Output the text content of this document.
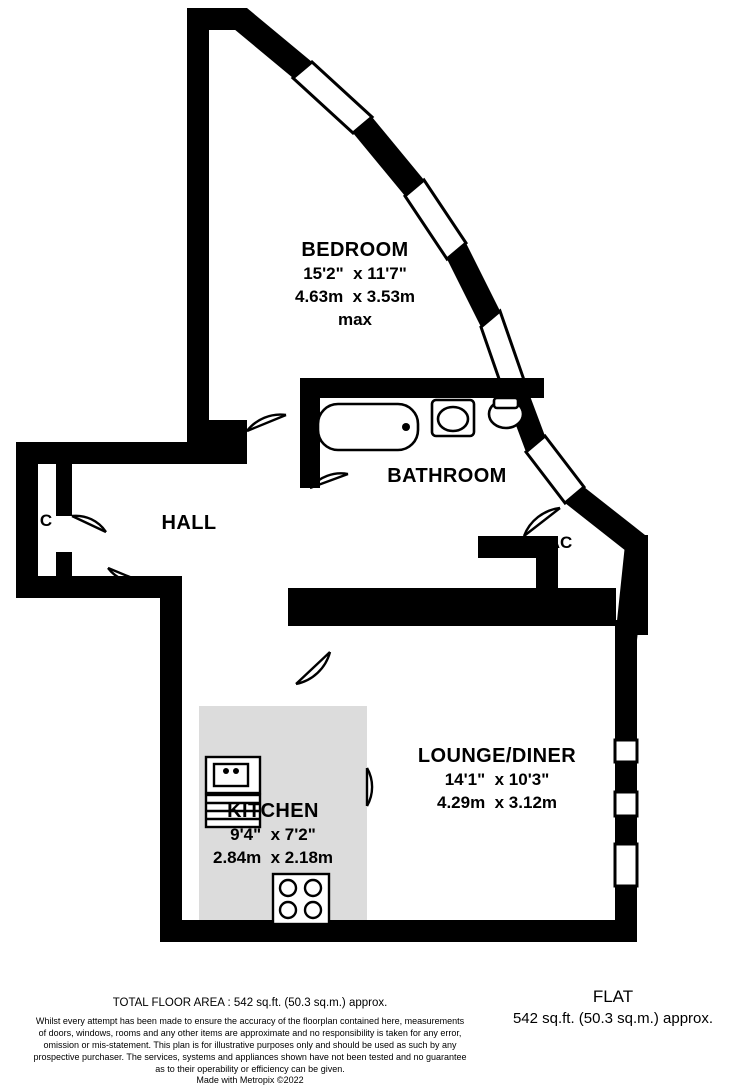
BEDROOM
15'2"  x 11'7"
4.63m  x 3.53m
max
BATHROOM
HALL
C
AC
LOUNGE/DINER
14'1"  x 10'3"
4.29m  x 3.12m
KITCHEN
9'4"  x 7'2"
2.84m  x 2.18m
TOTAL FLOOR AREA : 542 sq.ft. (50.3 sq.m.) approx.
Whilst every attempt has been made to ensure the accuracy of the floorplan contained here, measurements
of doors, windows, rooms and any other items are approximate and no responsibility is taken for any error,
omission or mis-statement. This plan is for illustrative purposes only and should be used as such by any
prospective purchaser. The services, systems and appliances shown have not been tested and no guarantee
as to their operability or efficiency can be given.
Made with Metropix ©2022
FLAT
542 sq.ft. (50.3 sq.m.) approx.
